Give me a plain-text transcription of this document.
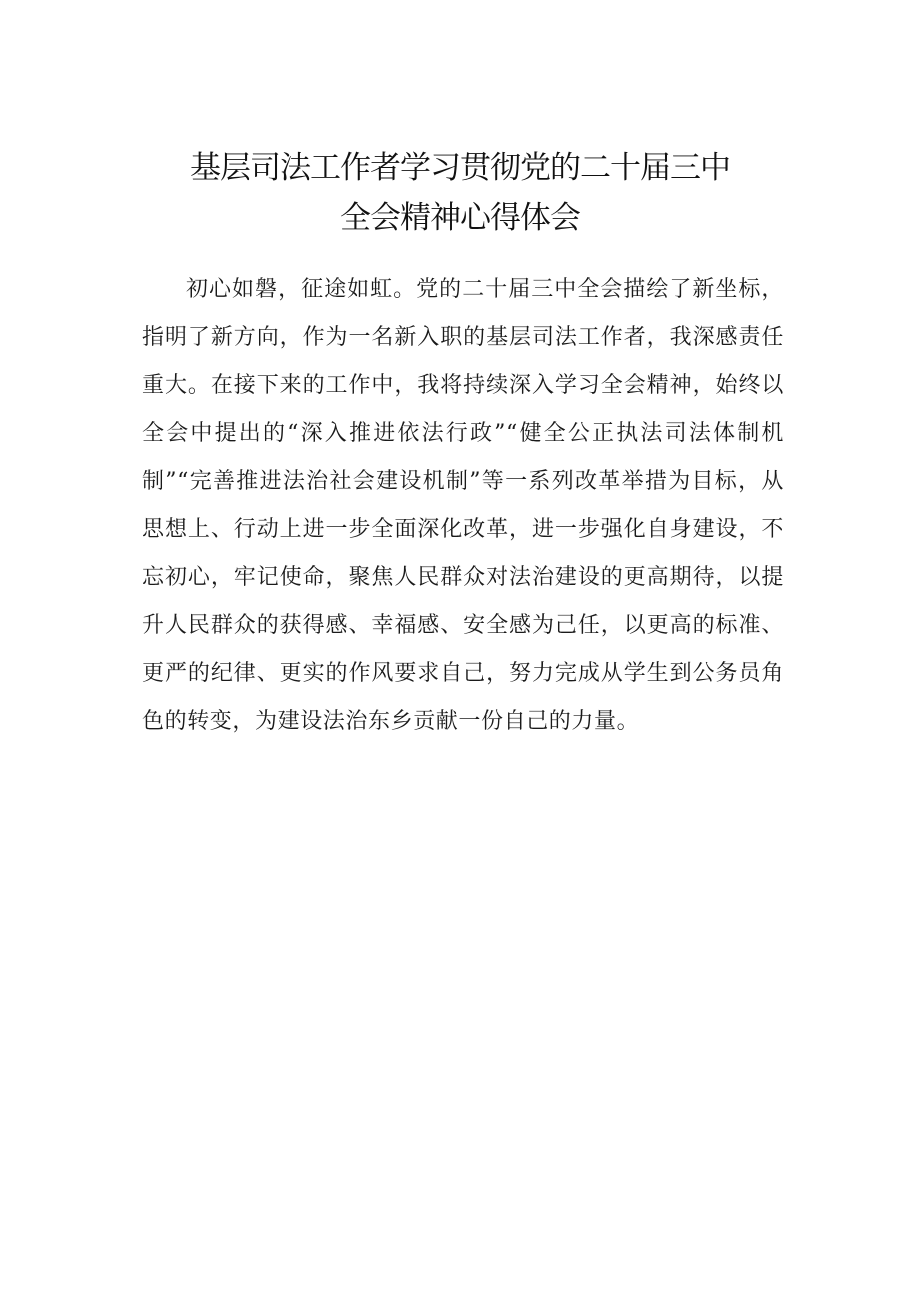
基层司法工作者学习贯彻党的二十届三中
全会精神心得体会

初心如磐，征途如虹。党的二十届三中全会描绘了新坐标，指明了新方向，作为一名新入职的基层司法工作者，我深感责任重大。在接下来的工作中，我将持续深入学习全会精神，始终以全会中提出的“深入推进依法行政”“健全公正执法司法体制机制”“完善推进法治社会建设机制”等一系列改革举措为目标，从思想上、行动上进一步全面深化改革，进一步强化自身建设，不忘初心，牢记使命，聚焦人民群众对法治建设的更高期待，以提升人民群众的获得感、幸福感、安全感为己任，以更高的标准、更严的纪律、更实的作风要求自己，努力完成从学生到公务员角色的转变，为建设法治东乡贡献一份自己的力量。
